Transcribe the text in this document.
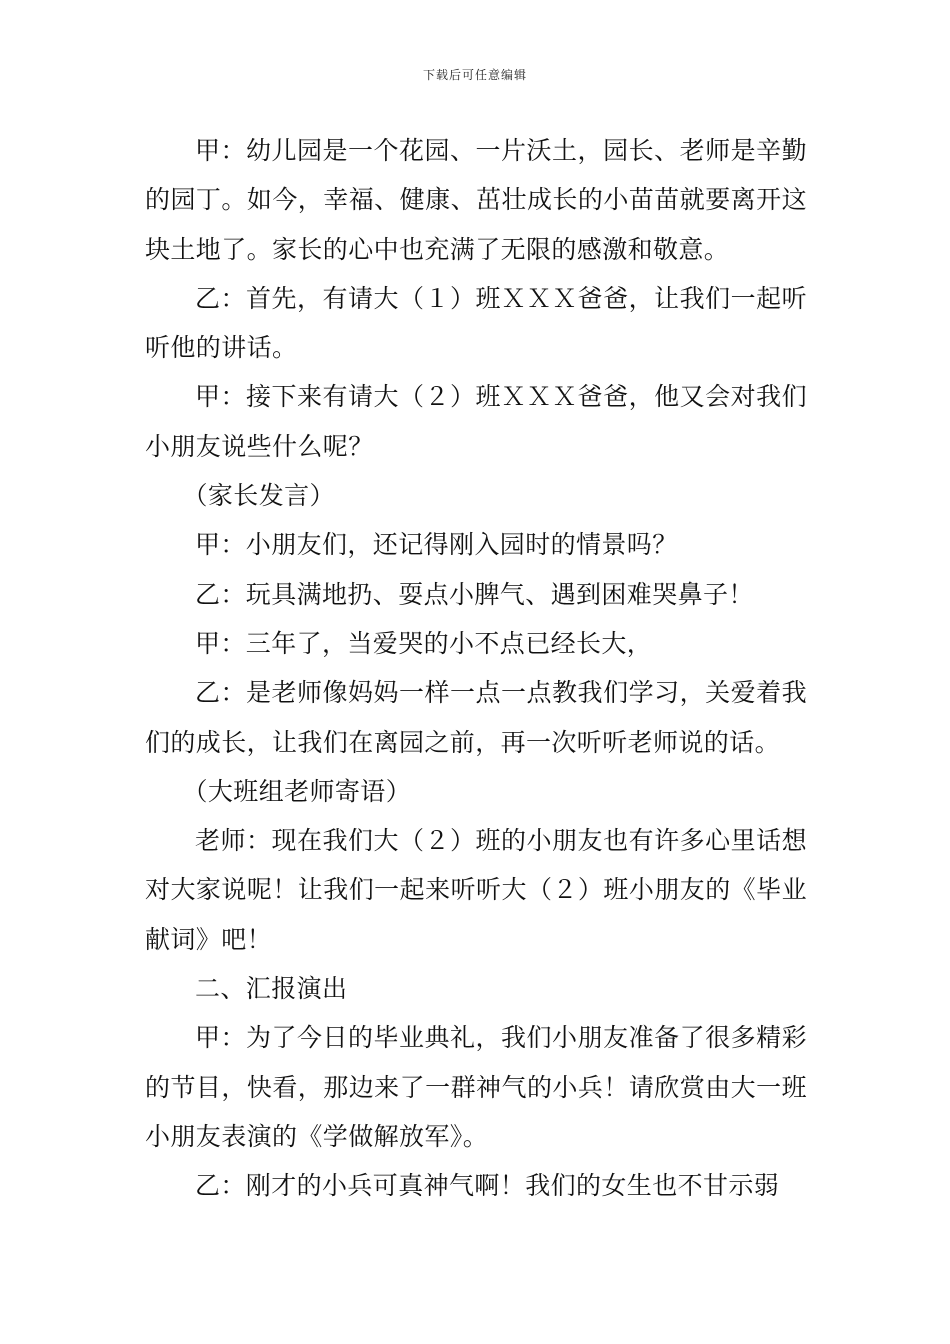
下载后可任意编辑

甲：幼儿园是一个花园、一片沃土，园长、老师是辛勤的园丁。如今，幸福、健康、茁壮成长的小苗苗就要离开这块土地了。家长的心中也充满了无限的感激和敬意。

乙：首先，有请大（１）班ＸＸＸ爸爸，让我们一起听听他的讲话。

甲：接下来有请大（２）班ＸＸＸ爸爸，他又会对我们小朋友说些什么呢？

（家长发言）

甲：小朋友们，还记得刚入园时的情景吗？

乙：玩具满地扔、耍点小脾气、遇到困难哭鼻子！

甲：三年了，当爱哭的小不点已经长大，

乙：是老师像妈妈一样一点一点教我们学习，关爱着我们的成长，让我们在离园之前，再一次听听老师说的话。

（大班组老师寄语）

老师：现在我们大（２）班的小朋友也有许多心里话想对大家说呢！让我们一起来听听大（２）班小朋友的《毕业献词》吧！

二、汇报演出

甲：为了今日的毕业典礼，我们小朋友准备了很多精彩的节目，快看，那边来了一群神气的小兵！请欣赏由大一班小朋友表演的《学做解放军》。

乙：刚才的小兵可真神气啊！我们的女生也不甘示弱
